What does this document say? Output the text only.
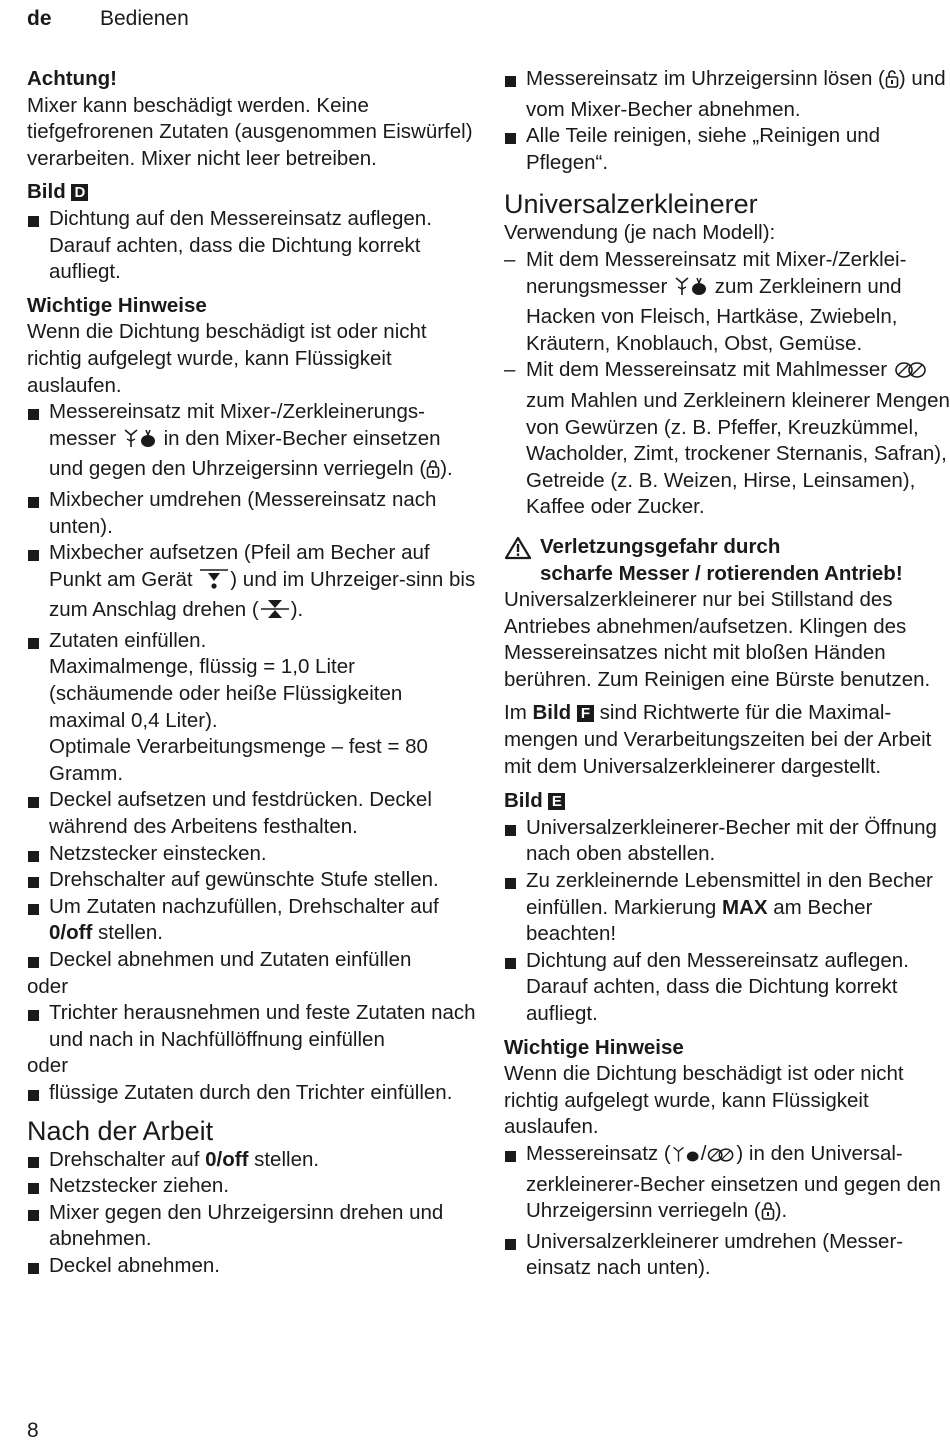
de Bedienen

Achtung!

Mixer kann beschädigt werden. Keine tiefgefrorenen Zutaten (ausgenommen Eiswürfel) verarbeiten. Mixer nicht leer betreiben.

Bild D

Dichtung auf den Messereinsatz auflegen. Darauf achten, dass die Dichtung korrekt aufliegt.

Wichtige Hinweise

Wenn die Dichtung beschädigt ist oder nicht richtig aufgelegt wurde, kann Flüssigkeit auslaufen.

Messereinsatz mit Mixer-/Zerkleinerungs-messer in den Mixer-Becher einsetzen und gegen den Uhrzeigersinn verriegeln ( ).
Mixbecher umdrehen (Messereinsatz nach unten).
Mixbecher aufsetzen (Pfeil am Becher auf Punkt am Gerät ) und im Uhrzeiger-sinn bis zum Anschlag drehen ( ).

Zutaten einfüllen.

Maximalmenge, flüssig = 1,0 Liter (schäumende oder heiße Flüssigkeiten maximal 0,4 Liter).

Optimale Verarbeitungsmenge – fest = 80 Gramm.

Deckel aufsetzen und festdrücken. Deckel während des Arbeitens festhalten.
Netzstecker einstecken.
Drehschalter auf gewünschte Stufe stellen.
Um Zutaten nachzufüllen, Drehschalter auf 0/off stellen.
Deckel abnehmen und Zutaten einfüllen

oder

Trichter herausnehmen und feste Zutaten nach und nach in Nachfüllöffnung einfüllen

oder

flüssige Zutaten durch den Trichter einfüllen.

Nach der Arbeit

Drehschalter auf 0/off stellen.
Netzstecker ziehen.
Mixer gegen den Uhrzeigersinn drehen und abnehmen.
Deckel abnehmen.
Messereinsatz im Uhrzeigersinn lösen ( ) und vom Mixer-Becher abnehmen.
Alle Teile reinigen, siehe „Reinigen und Pflegen“.

Universalzerkleinerer

Verwendung (je nach Modell):

– Mit dem Messereinsatz mit Mixer-/Zerklei-nerungsmesser zum Zerkleinern und Hacken von Fleisch, Hartkäse, Zwiebeln, Kräutern, Knoblauch, Obst, Gemüse.
– Mit dem Messereinsatz mit Mahlmesser  zum Mahlen und Zerkleinern kleinerer Mengen von Gewürzen (z. B. Pfeffer, Kreuzkümmel, Wacholder, Zimt, trockener Sternanis, Safran), Getreide (z. B. Weizen, Hirse, Leinsamen), Kaffee oder Zucker.

Verletzungsgefahr durch

scharfe Messer / rotierenden Antrieb!

Universalzerkleinerer nur bei Stillstand des Antriebes abnehmen/aufsetzen. Klingen des Messereinsatzes nicht mit bloßen Händen berühren. Zum Reinigen eine Bürste benutzen.

Im Bild F sind Richtwerte für die Maximal-mengen und Verarbeitungszeiten bei der Arbeit mit dem Universalzerkleinerer dargestellt.

Bild E

Universalzerkleinerer-Becher mit der Öffnung nach oben abstellen.
Zu zerkleinernde Lebensmittel in den Becher einfüllen. Markierung MAX am Becher beachten!
Dichtung auf den Messereinsatz auflegen. Darauf achten, dass die Dichtung korrekt aufliegt.

Wichtige Hinweise

Wenn die Dichtung beschädigt ist oder nicht richtig aufgelegt wurde, kann Flüssigkeit auslaufen.

Messereinsatz ( / ) in den Universal-zerkleinerer-Becher einsetzen und gegen den Uhrzeigersinn verriegeln ( ).
Universalzerkleinerer umdrehen (Messer-einsatz nach unten).
8
